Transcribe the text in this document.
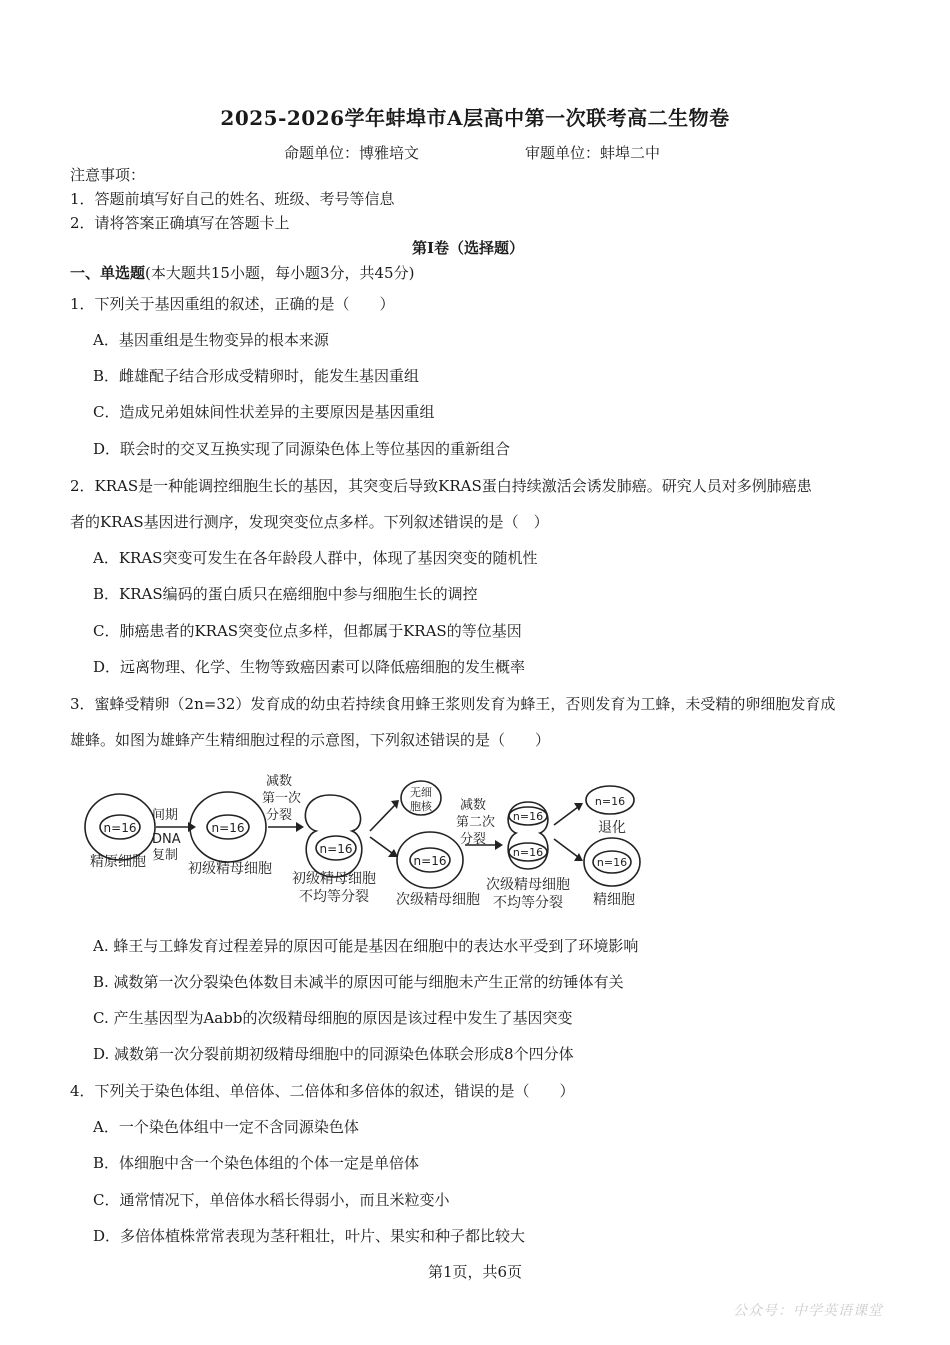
2025-2026学年蚌埠市A层高中第一次联考高二生物卷
命题单位：博雅培文	审题单位：蚌埠二中
注意事项：
1．答题前填写好自己的姓名、班级、考号等信息
2．请将答案正确填写在答题卡上
第Ⅰ卷（选择题）
一、单选题(本大题共15小题，每小题3分，共45分)
1．下列关于基因重组的叙述，正确的是（　　）
A．基因重组是生物变异的根本来源
B．雌雄配子结合形成受精卵时，能发生基因重组
C．造成兄弟姐妹间性状差异的主要原因是基因重组
D．联会时的交叉互换实现了同源染色体上等位基因的重新组合
2．KRAS是一种能调控细胞生长的基因，其突变后导致KRAS蛋白持续激活会诱发肺癌。研究人员对多例肺癌患
者的KRAS基因进行测序，发现突变位点多样。下列叙述错误的是（　）
A．KRAS突变可发生在各年龄段人群中，体现了基因突变的随机性
B．KRAS编码的蛋白质只在癌细胞中参与细胞生长的调控
C．肺癌患者的KRAS突变位点多样，但都属于KRAS的等位基因
D．远离物理、化学、生物等致癌因素可以降低癌细胞的发生概率
3．蜜蜂受精卵（2n=32）发育成的幼虫若持续食用蜂王浆则发育为蜂王，否则发育为工蜂，未受精的卵细胞发育成
雄蜂。如图为雄蜂产生精细胞过程的示意图，下列叙述错误的是（　　）
n=16
精原细胞
间期
DNA
复制
n=16
初级精母细胞
减数
第一次
分裂
n=16
初级精母细胞
不均等分裂
无细
胞核
n=16
次级精母细胞
减数
第二次
分裂
n=16
n=16
次级精母细胞
不均等分裂
n=16
退化
n=16
精细胞
A. 蜂王与工蜂发育过程差异的原因可能是基因在细胞中的表达水平受到了环境影响
B. 减数第一次分裂染色体数目未减半的原因可能与细胞未产生正常的纺锤体有关
C. 产生基因型为Aabb的次级精母细胞的原因是该过程中发生了基因突变
D. 减数第一次分裂前期初级精母细胞中的同源染色体联会形成8个四分体
4．下列关于染色体组、单倍体、二倍体和多倍体的叙述，错误的是（　　）
A．一个染色体组中一定不含同源染色体
B．体细胞中含一个染色体组的个体一定是单倍体
C．通常情况下，单倍体水稻长得弱小，而且米粒变小
D．多倍体植株常常表现为茎秆粗壮，叶片、果实和种子都比较大
第1页，共6页
公众号：中学英语课堂
